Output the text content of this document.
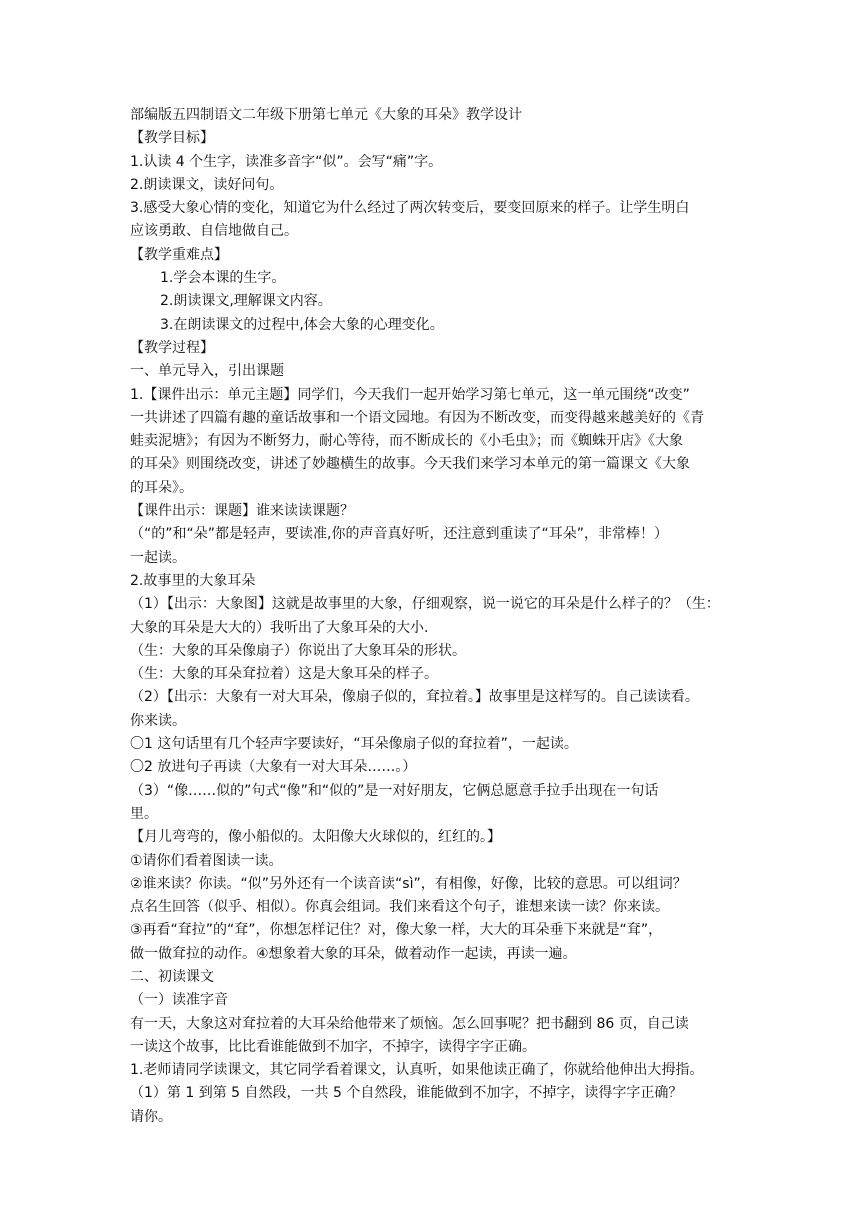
部编版五四制语文二年级下册第七单元《大象的耳朵》教学设计
【教学目标】
1.认读 4 个生字，读准多音字“似”。会写“痛”字。
2.朗读课文，读好问句。
3.感受大象心情的变化，知道它为什么经过了两次转变后，要变回原来的样子。让学生明白
应该勇敢、自信地做自己。
【教学重难点】
1.学会本课的生字。
2.朗读课文,理解课文内容。
3.在朗读课文的过程中,体会大象的心理变化。
【教学过程】
一、单元导入，引出课题
1.【课件出示：单元主题】同学们，今天我们一起开始学习第七单元，这一单元围绕“改变”
一共讲述了四篇有趣的童话故事和一个语文园地。有因为不断改变，而变得越来越美好的《青
蛙卖泥塘》；有因为不断努力，耐心等待，而不断成长的《小毛虫》；而《蜘蛛开店》《大象
的耳朵》则围绕改变，讲述了妙趣横生的故事。今天我们来学习本单元的第一篇课文《大象
的耳朵》。
【课件出示：课题】谁来读读课题？
（“的”和“朵”都是轻声，要读准,你的声音真好听，还注意到重读了“耳朵”，非常棒！）
一起读。
2.故事里的大象耳朵
（1）【出示：大象图】这就是故事里的大象，仔细观察，说一说它的耳朵是什么样子的？（生：
大象的耳朵是大大的）我听出了大象耳朵的大小.
（生：大象的耳朵像扇子）你说出了大象耳朵的形状。
（生：大象的耳朵耷拉着）这是大象耳朵的样子。
（2）【出示：大象有一对大耳朵，像扇子似的，耷拉着。】故事里是这样写的。自己读读看。
你来读。
〇1 这句话里有几个轻声字要读好，“耳朵像扇子似的耷拉着”，一起读。
〇2 放进句子再读（大象有一对大耳朵……。）
（3）“像……似的”句式“像”和“似的”是一对好朋友，它俩总愿意手拉手出现在一句话
里。
【月儿弯弯的，像小船似的。太阳像大火球似的，红红的。】
①请你们看着图读一读。
②谁来读？你读。“似”另外还有一个读音读“sì”，有相像，好像，比较的意思。可以组词？
点名生回答（似乎、相似）。你真会组词。我们来看这个句子，谁想来读一读？你来读。
③再看“耷拉”的“耷”，你想怎样记住？对，像大象一样，大大的耳朵垂下来就是“耷”，
做一做耷拉的动作。④想象着大象的耳朵，做着动作一起读，再读一遍。
二、初读课文
（一）读准字音
有一天，大象这对耷拉着的大耳朵给他带来了烦恼。怎么回事呢？把书翻到 86 页，自己读
一读这个故事，比比看谁能做到不加字，不掉字，读得字字正确。
1.老师请同学读课文，其它同学看着课文，认真听，如果他读正确了，你就给他伸出大拇指。
（1）第 1 到第 5 自然段，一共 5 个自然段，谁能做到不加字，不掉字，读得字字正确？
请你。
